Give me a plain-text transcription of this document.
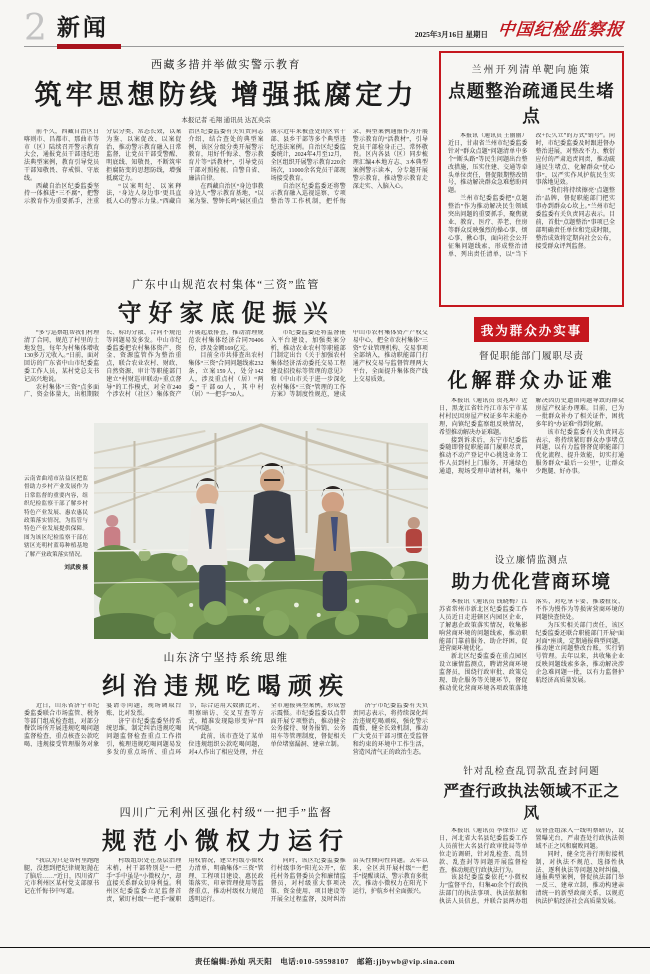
2 新闻	2025年3月16日 星期日 中国纪检监察报
西藏多措并举做实警示教育
筑牢思想防线 增强抵腐定力
本报记者 毛翔 通讯员 达瓦央宗

前不久，西藏自治区日喀则市、昌都市、那曲市等市（区）陆续召开警示教育大会，通报党员干部违纪违法典型案例，教育引导党员干部知敬畏、存戒惧、守底线。

西藏自治区纪委监委坚持一体推进“三不腐”，把警示教育作为重要抓手，注重分层分类、常态长效，以案为鉴、以案促改、以案促治，推动警示教育融入日常监督，让党员干部受警醒、明底线、知敬畏，不断筑牢拒腐防变的思想防线，增强抵腐定力。

“以案明纪、以案释法，‘身边人身边事’更具直抵人心的警示力量。”西藏自治区纪委监委有关负责同志介绍，结合查处的典型案例，该区分级分类开展警示教育，用好忏悔录、警示教育片等“活教材”，引导党员干部对照检视、自警自省、廉洁自律。

在西藏自治区“身边事教身边人”警示教育基地，“以案为鉴、警钟长鸣”展区重点展示近年来被查处的区管干部、县乡干部等多个典型违纪违法案例。自治区纪委监委统计，2024年4月至12月，全区组织开展警示教育220余场次，11000余名党员干部现场接受教育。

自治区纪委监委还将警示教育融入巡视巡察、专项整治等工作机制，把忏悔录、典型案例通报作为开展警示教育的“活教材”，引导党员干部检身正己、常怀敬畏。区内各县（区）同步梳理汇编4本地方志、3本典型案例警示读本，分专题开展警示教育，推动警示教育走深走实、入脑入心。

广东中山规范农村集体“三资”监管
守好家底促振兴

“多亏巡察组帮我们村理清了合同，规范了村里的土地发包，每年为村集体增收130多万元收入。”日前，面对回访的广东省中山市纪委监委工作人员，某村党总支书记高兴地说。

农村集体“三资”点多面广、资金体量大，出租期限长、标的分散、合同不规范等问题易发多发。中山市纪委监委把农村集体资产、资金、资源监管作为整治重点，联合农业农村、财政、自然资源、审计等职能部门建立“村财巡审联动+重点督导”的工作模式，对全市240个涉农村（社区）集体资产开展起底排查，推动清理规范农村集体经济合同70406份，涉及金额169亿元。

目前全市共排查出农村集体“三资”合同问题线索232条，立案159人，处分142人，涉及重点村（居）“两委”干部60人，其中村（居）“一把手”30人。

市纪委监委还将监督嵌入平台建设，加强类案分析，推动农业农村等职能部门制定出台《关于加强农村集体经济活动委托交易工程建设招投标等管理的意见》和《中山市关于进一步深化农村集体“三资”管理的工作方案》等制度性规范，建成中山市农村集体资产产权交易中心，把全市农村集体“三资”专业管理机构、交易事项全部纳入，推动职能部门打通产权交易与监督管理两大平台，全面提升集体资产线上交易质效。

云南省曲靖市沾益区把监督助力乡村产业发展作为日常监督的重要内容，组织纪检监察干部了解乡村特色产业发展、惠农惠民政策落实情况，为监管与特色产业发展提供保障。图为该区纪检监察干部在辖区光明村蓝莓种植基地了解产业政策落实情况。
刘武俊 摄
山东济宁坚持系统思维
纠治违规吃喝顽疾

近日，山东省济宁市纪委监委联合市场监管、税务等部门组成检查组，对部分餐饮场所开展违规吃喝问题监督检查，重点核查公款吃喝、违规接受管理服务对象宴请等问题，现场调取台账、比对发票。

济宁市纪委监委坚持系统思维，制定纠治违规吃喝问题监督检查重点工作指引，梳理违规吃喝问题易发多发的重点场所、重点环节，综合运用大数据比对、明察暗访、交叉互查等方式，精准发现隐形变异“四风”问题。

此前，该市查处了某单位违规组织公款吃喝问题，对4人作出了相应处理，并在全市通报典型案例，形成警示震慑。市纪委监委以点带面开展专项整治，推动健全公务接待、财务报销、公务用车等管理制度，督促相关单位堵塞漏洞、建章立制。

济宁市纪委监委有关负责同志表示，将持续深化纠治违规吃喝顽疾，强化警示震慑，健全长效机制，推动广大党员干部习惯在受监督和约束的环境中工作生活，营造风清气正的政治生态。

四川广元利州区强化村级“一把手”监督
规范小微权力运行

“我以为只是帮村里跑跑腿，没想到把纪律规矩抛在了脑后……”近日，四川省广元市利州区某村党支部原书记在忏悔书中写道。

村级组织处在基层治理末梢，村干部特别是“一把手”手中虽是“小微权力”，却直接关系群众切身利益。利州区纪委监委立足监督首责，紧盯村级“一把手”履职用权情况，建立村级小微权力清单，明确集体“三资”管理、工程项目建设、惠民政策落实、印章管理使用等监督重点，推动村级权力规范透明运行。

同时，该区纪委监委推行村级事务“阳光公开”，依托村务监督委员会和廉情监督员，对村级重大事项决策、资金使用、项目建设等开展全过程监督，及时纠治苗头性倾向性问题。去年以来，全区共开展村级“一把手”提醒谈话、警示教育多批次，推动小微权力在阳光下运行，护航乡村全面振兴。

兰州开列清单靶向施策
点题整治疏通民生堵点

本报讯（通讯员 王丽丽）近日，甘肃省兰州市纪委监委针对“群众点题”问题清单中多个“断头路”等民生问题出台整改措施，压实住建、交通等牵头单位责任，督促限期整改销号，推动解决群众急难愁盼问题。

兰州市纪委监委把“点题整治”作为推动解决民生领域突出问题的重要抓手，聚焦就业、教育、医疗、养老、住房等群众反映强烈的操心事、烦心事、揪心事，面向社会公开征集问题线索，形成整治清单、列出责任清单，以“当下改+长久立”的方式“销号”。同时，市纪委监委及时跟进督办整治进展，对整改不力、敷衍应付的严肃追责问责，推动疏通民生堵点、化解群众“忧心事”，以严实作风护航民生实事落地见效。

“我们将持续擦亮‘点题整治’品牌，督促职能部门把实事办到群众心坎上。”兰州市纪委监委有关负责同志表示。目前，首批“点题整治”事项已全部明确责任单位和完成时限，整治成效将定期向社会公布，接受群众评判监督。

我为群众办实事
督促职能部门履职尽责
化解群众办证难

本报讯（通讯员 贵兆坤）近日，黑龙江省牡丹江市东宁市某村村民因房屋产权证多年未能办理，向镇纪委监察组反映情况，希望推动解决办证难题。

接到诉求后，东宁市纪委监委随即督促职能部门履职尽责，推动不动产登记中心挑选业务工作人员到村上门服务，开通绿色通道，现场受理申请材料，集中解决因历史遗留问题导致的群众房屋产权证办理难。目前，已为一批群众补办了相关证件，困扰多年的“办证难”得到化解。

该市纪委监委有关负责同志表示，将持续紧盯群众办事堵点问题，以有力监督督促职能部门优化流程、提升效能，切实打通服务群众“最后一公里”，让群众少跑腿、好办事。

设立廉情监测点
助力优化营商环境

本报讯（通讯员 钱晓梅）江苏省常州市新北区纪委监委工作人员近日走进辖区内园区企业，了解惠企政策落实情况，收集影响营商环境的问题线索，推动职能部门靠前服务、助企纾困，促进营商环境优化。

新北区纪委监委在重点园区设立廉情监测点，聘请营商环境监督员，围绕行政审批、政策兑现、助企服务等关键环节，督促推动优化营商环境各项政策落地落实，对吃拿卡要、推诿扯皮、不作为慢作为等损害营商环境的问题快查快处。

为压实相关部门责任，该区纪委监委还联合职能部门开展“面对面”座谈，定期通报典型问题，推动建立问题整改台账，实行销号管理。去年以来，共收集企业反映问题线索多条，推动解决涉企急难问题一批，以有力监督护航经济高质量发展。

针对乱检查乱罚款乱查封问题
严查行政执法领域不正之风

本报讯（通讯员 李保伟）近日，河北省大名县纪委监委工作人员前往大名县行政审批局等单位走访调研，针对乱检查、乱罚款、乱查封等问题开展监督检查，推动规范行政执法行为。

该县纪委监委依托“小微权力”监督平台，归集40余个行政执法部门的执法事项、执法依据和执法人员信息，并联合县两办组成督查组深入一线明察暗访，设置曝光台，严肃查处行政执法领域不正之风和腐败问题。

同时，健全完善行刑衔接机制，对执法不规范、选择性执法、逐利执法等问题及时纠偏，通报典型案例，督促执法部门举一反三、建章立制，推动构建亲清统一的新型政商关系，以规范执法护航经济社会高质量发展。

责任编辑:孙灿 巩天阳　电话:010-59598107　邮箱:jjbywb@vip.sina.com
